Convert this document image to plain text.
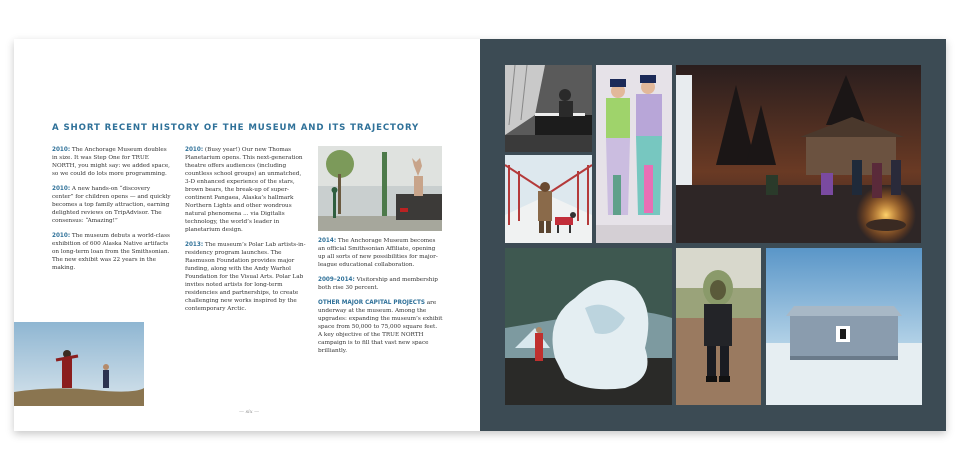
A SHORT RECENT HISTORY OF THE MUSEUM AND ITS TRAJECTORY

2010: The Anchorage Museum doubles in size. It was Step One for TRUE NORTH, you might say: we added space, so we could do lots more programming.

2010: A new hands-on “discovery center” for children opens — and quickly becomes a top family attraction, earning delighted reviews on TripAdvisor. The consensus: “Amazing!”

2010: The museum debuts a world-class exhibition of 600 Alaska Native artifacts on long-term loan from the Smithsonian. The new exhibit was 22 years in the making.

2010: (Busy year!) Our new Thomas Planetarium opens. This next-generation theatre offers audiences (including countless school groups) an unmatched, 3-D enhanced experience of the stars, brown bears, the break-up of super-continent Pangaea, Alaska’s hallmark Northern Lights and other wondrous natural phenomena ... via Digitalis technology, the world’s leader in planetarium design.

2013: The museum’s Polar Lab artists-in-residency program launches. The Rasmuson Foundation provides major funding, along with the Andy Warhol Foundation for the Visual Arts. Polar Lab invites noted artists for long-term residencies and partnerships, to create challenging new works inspired by the contemporary Arctic.

2014: The Anchorage Museum becomes an official Smithsonian Affiliate, opening up all sorts of new possibilities for major-league educational collaboration.

2009–2014: Visitorship and membership both rise 30 percent.

OTHER MAJOR CAPITAL PROJECTS are underway at the museum. Among the upgrades: expanding the museum’s exhibit space from 50,000 to 75,000 square feet. A key objective of the TRUE NORTH campaign is to fill that vast new space brilliantly.

— six —
